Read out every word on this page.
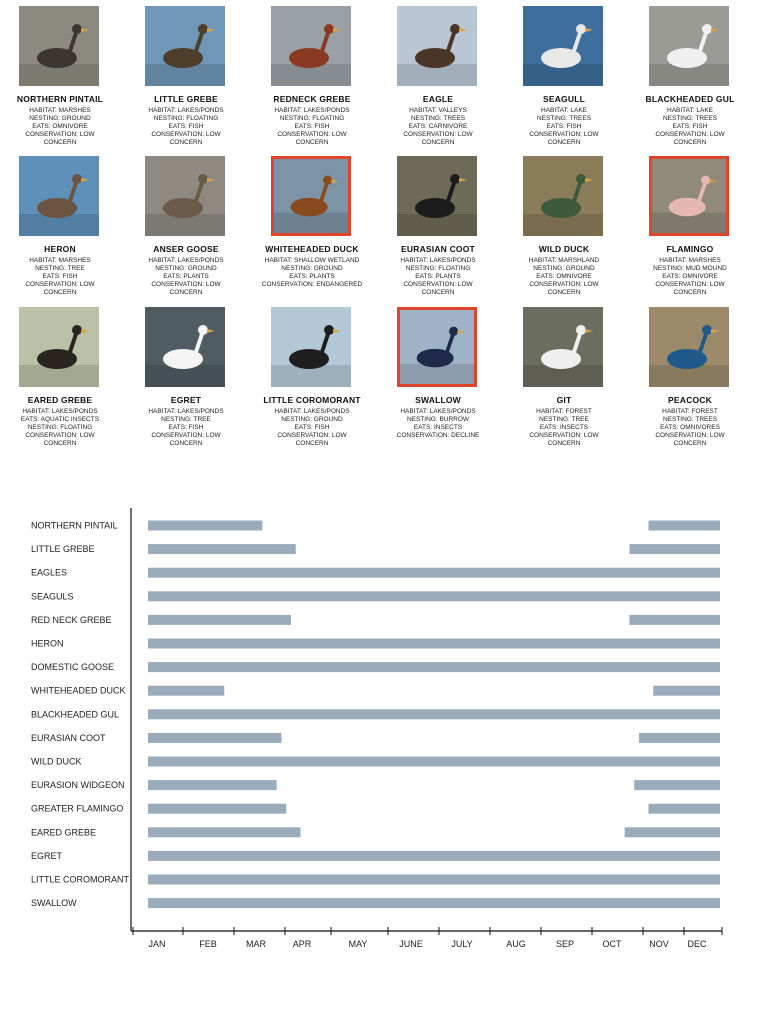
NORTHERN PINTAIL
HABITAT: MARSHES
NESTING: GROUND
EATS: OMNIVORE
CONSERVATION: LOW
CONCERN
LITTLE GREBE
HABITAT: LAKES/PONDS
NESTING: FLOATING
EATS: FISH
CONSERVATION: LOW
CONCERN
REDNECK GREBE
HABITAT: LAKES/PONDS
NESTING: FLOATING
EATS: FISH
CONSERVATION: LOW
CONCERN
EAGLE
HABITAT: VALLEYS
NESTING: TREES
EATS: CARNIVORE
CONSERVATION: LOW
CONCERN
SEAGULL
HABITAT: LAKE
NESTING: TREES
EATS: FISH
CONSERVATION: LOW
CONCERN
BLACKHEADED GUL
HABITAT: LAKE
NESTING: TREES
EATS: FISH
CONSERVATION: LOW
CONCERN
HERON
HABITAT: MARSHES
NESTING: TREE
EATS: FISH
CONSERVATION: LOW
CONCERN
ANSER GOOSE
HABITAT: LAKES/PONDS
NESTING: GROUND
EATS: PLANTS
CONSERVATION: LOW
CONCERN
WHITEHEADED DUCK
HABITAT: SHALLOW WETLAND
NESTING: GROUND
EATS: PLANTS
CONSERVATION: ENDANGERED
EURASIAN COOT
HABITAT: LAKES/PONDS
NESTING: FLOATING
EATS: PLANTS
CONSERVATION: LOW
CONCERN
WILD DUCK
HABITAT: MARSHLAND
NESTING: GROUND
EATS: OMNIVORE
CONSERVATION: LOW
CONCERN
FLAMINGO
HABITAT: MARSHES
NESTING: MUD MOUND
EATS: OMNIVORE
CONSERVATION: LOW
CONCERN
EARED GREBE
HABITAT: LAKES/PONDS
EATS: AQUATIC INSECTS
NESTING: FLOATING
CONSERVATION: LOW
CONCERN
EGRET
HABITAT: LAKES/PONDS
NESTING: TREE
EATS: FISH
CONSERVATION: LOW
CONCERN
LITTLE COROMORANT
HABITAT: LAKES/PONDS
NESTING: GROUND
EATS: FISH
CONSERVATION: LOW
CONCERN
SWALLOW
HABITAT: LAKES/PONDS
NESTING: BURROW
EATS: INSECTS
CONSERVATION: DECLINE
GIT
HABITAT: FOREST
NESTING: TREE
EATS: INSECTS
CONSERVATION: LOW
CONCERN
PEACOCK
HABITAT: FOREST
NESTING: TREES
EATS: OMNIVORES
CONSERVATION: LOW
CONCERN
NORTHERN PINTAIL
LITTLE GREBE
EAGLES
SEAGULS
RED NECK GREBE
HERON
DOMESTIC GOOSE
WHITEHEADED DUCK
BLACKHEADED GUL
EURASIAN COOT
WILD DUCK
EURASION WIDGEON
GREATER FLAMINGO
EARED GREBE
EGRET
LITTLE COROMORANT
SWALLOW
JAN	FEB	MAR	APR	MAY	JUNE	JULY	AUG	SEP	OCT	NOV DEC
